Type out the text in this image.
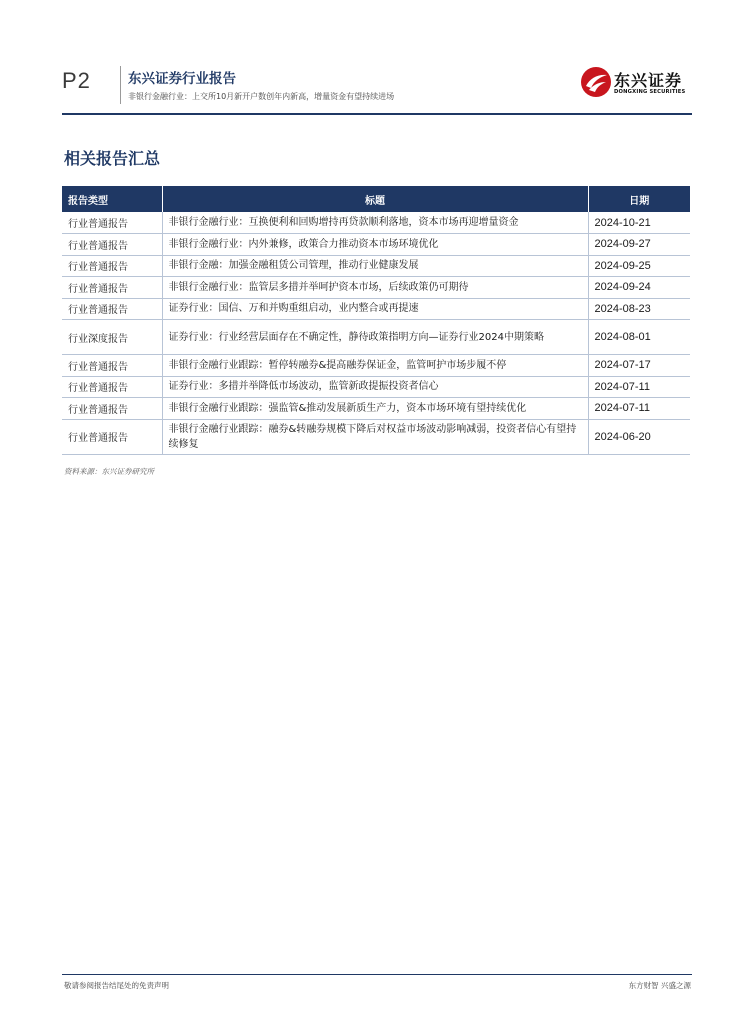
P2	东兴证券行业报告
非银行金融行业：上交所10月新开户数创年内新高，增量资金有望持续进场
东兴证券
DONGXING SECURITIES
相关报告汇总
报告类型	标题	日期
行业普通报告	非银行金融行业：互换便利和回购增持再贷款顺利落地，资本市场再迎增量资金	2024-10-21
行业普通报告	非银行金融行业：内外兼修，政策合力推动资本市场环境优化	2024-09-27
行业普通报告	非银行金融：加强金融租赁公司管理，推动行业健康发展	2024-09-25
行业普通报告	非银行金融行业：监管层多措并举呵护资本市场，后续政策仍可期待	2024-09-24
行业普通报告	证券行业：国信、万和并购重组启动，业内整合或再提速	2024-08-23
行业深度报告	证券行业：行业经营层面存在不确定性，静待政策指明方向—证券行业2024中期策略	2024-08-01
行业普通报告	非银行金融行业跟踪：暂停转融券&提高融券保证金，监管呵护市场步履不停	2024-07-17
行业普通报告	证券行业：多措并举降低市场波动，监管新政提振投资者信心	2024-07-11
行业普通报告	非银行金融行业跟踪：强监管&推动发展新质生产力，资本市场环境有望持续优化	2024-07-11
行业普通报告	非银行金融行业跟踪：融券&转融券规模下降后对权益市场波动影响减弱，投资者信心有望持续修复	2024-06-20
资料来源：东兴证券研究所
敬请参阅报告结尾处的免责声明	东方财智 兴盛之源
